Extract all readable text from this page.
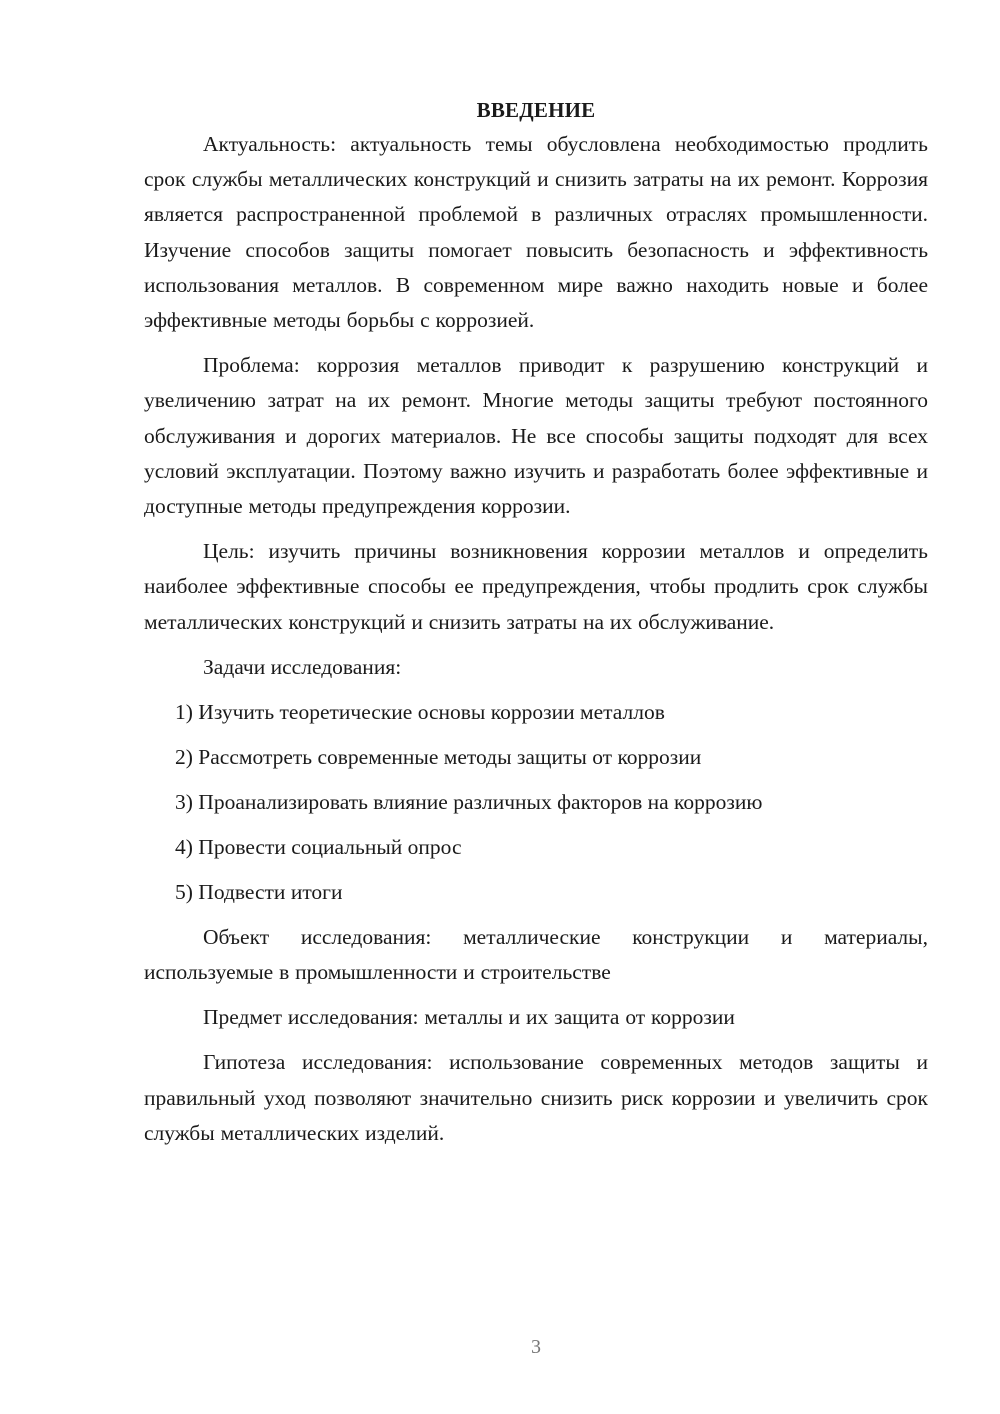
ВВЕДЕНИЕ

Актуальность: актуальность темы обусловлена необходимостью продлить срок службы металлических конструкций и снизить затраты на их ремонт. Коррозия является распространенной проблемой в различных отраслях промышленности. Изучение способов защиты помогает повысить безопасность и эффективность использования металлов. В современном мире важно находить новые и более эффективные методы борьбы с коррозией.

Проблема: коррозия металлов приводит к разрушению конструкций и увеличению затрат на их ремонт. Многие методы защиты требуют постоянного обслуживания и дорогих материалов. Не все способы защиты подходят для всех условий эксплуатации. Поэтому важно изучить и разработать более эффективные и доступные методы предупреждения коррозии.

Цель: изучить причины возникновения коррозии металлов и определить наиболее эффективные способы ее предупреждения, чтобы продлить срок службы металлических конструкций и снизить затраты на их обслуживание.

Задачи исследования:
1) Изучить теоретические основы коррозии металлов
2) Рассмотреть современные методы защиты от коррозии
3) Проанализировать влияние различных факторов на коррозию
4) Провести социальный опрос
5) Подвести итоги

Объект исследования: металлические конструкции и материалы, используемые в промышленности и строительстве

Предмет исследования: металлы и их защита от коррозии

Гипотеза исследования: использование современных методов защиты и правильный уход позволяют значительно снизить риск коррозии и увеличить срок службы металлических изделий.

3
